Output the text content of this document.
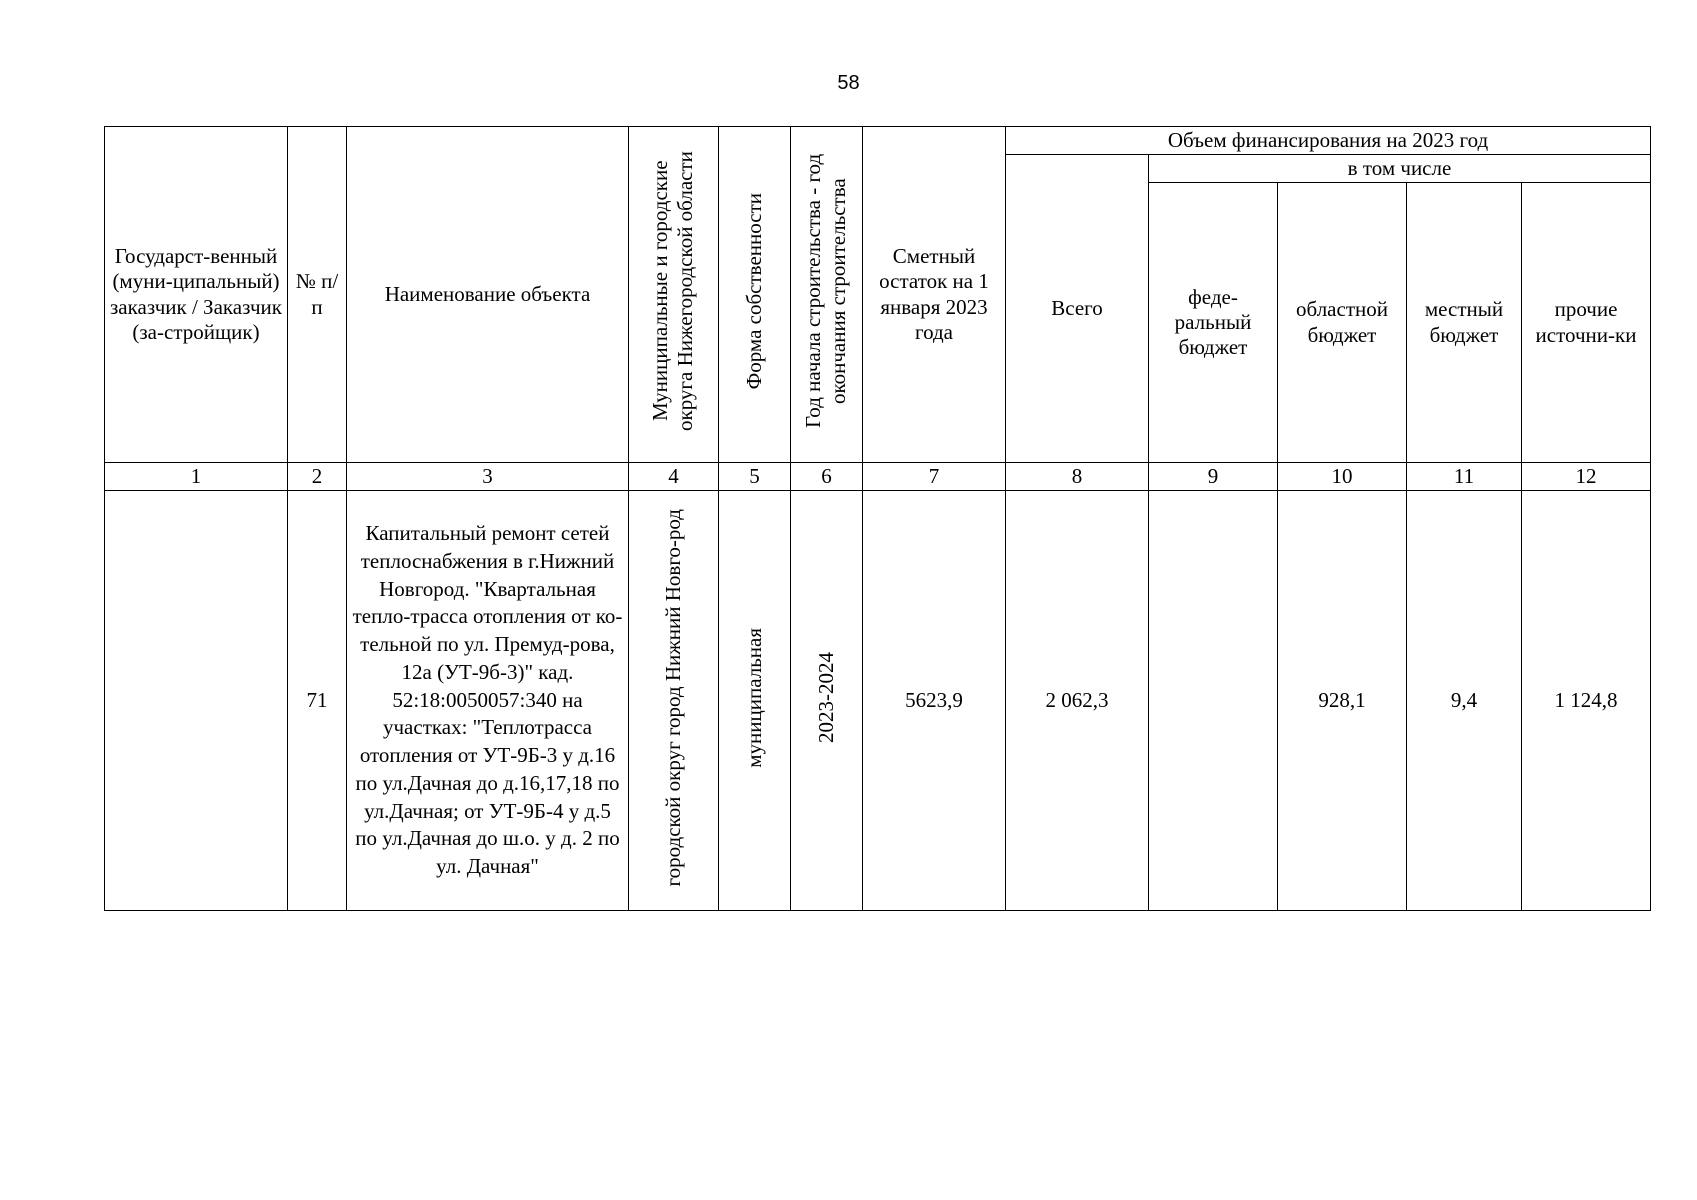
58
Государст-венный (муни-ципальный) заказчик / Заказчик (за-стройщик)	№ п/п	Наименование объекта	Муниципальные и городские округа Нижегородской области	Форма собственности	Год начала строительства - год окончания строительства	Сметный остаток на 1 января 2023 года	Объем финансирования на 2023 год				
							Всего	в том числе			
								феде-ральный бюджет	областной бюджет	местный бюджет	прочие источни-ки
1	2	3	4	5	6	7	8	9	10	11	12
	71	Капитальный ремонт сетей теплоснабжения в г.Нижний Новгород. "Квартальная тепло-трасса отопления от ко-тельной по ул. Премуд-рова, 12а (УТ-9б-3)" кад. 52:18:0050057:340 на участках: "Теплотрасса отопления от УТ-9Б-3 у д.16 по ул.Дачная до д.16,17,18 по ул.Дачная; от УТ-9Б-4 у д.5 по ул.Дачная до ш.о. у д. 2 по ул. Дачная"	городской округ город Нижний Новго-род	муниципальная	2023-2024	5623,9	2 062,3		928,1	9,4	1 124,8
